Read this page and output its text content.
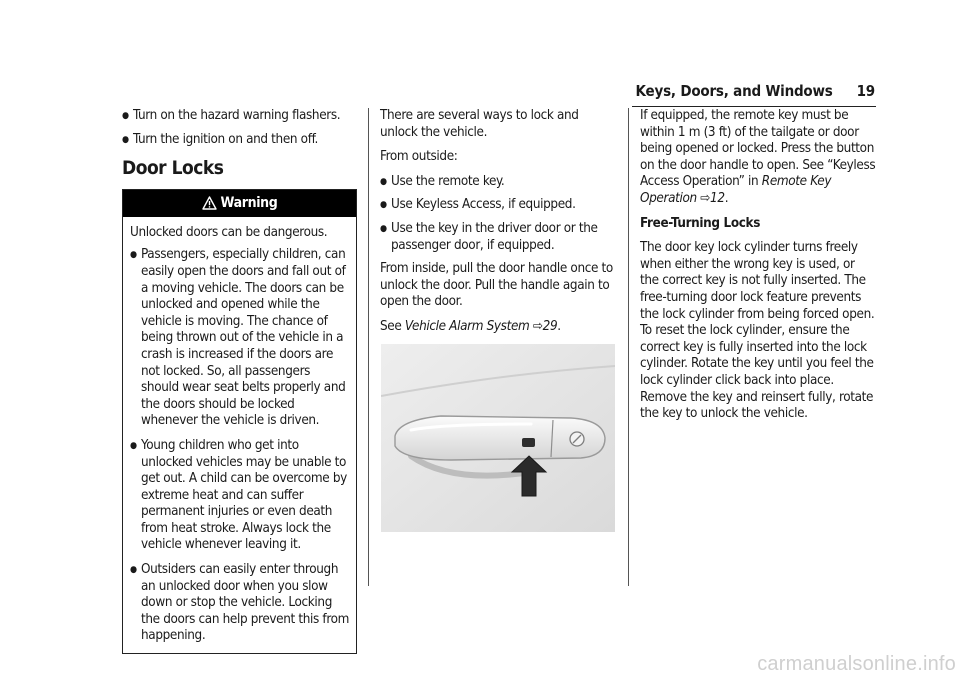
Keys, Doors, and Windows 19
● Turn on the hazard warning flashers.
● Turn the ignition on and then off.
Door Locks
Warning

Unlocked doors can be dangerous.

● Passengers, especially children, can easily open the doors and fall out of a moving vehicle. The doors can be unlocked and opened while the vehicle is moving. The chance of being thrown out of the vehicle in a crash is increased if the doors are not locked. So, all passengers should wear seat belts properly and the doors should be locked whenever the vehicle is driven.
● Young children who get into unlocked vehicles may be unable to get out. A child can be overcome by extreme heat and can suffer permanent injuries or even death from heat stroke. Always lock the vehicle whenever leaving it.
● Outsiders can easily enter through an unlocked door when you slow down or stop the vehicle. Locking the doors can help prevent this from happening.

There are several ways to lock and unlock the vehicle.

From outside:

● Use the remote key.
● Use Keyless Access, if equipped.
● Use the key in the driver door or the passenger door, if equipped.

From inside, pull the door handle once to unlock the door. Pull the handle again to open the door.

See Vehicle Alarm System ⇨29.

If equipped, the remote key must be within 1 m (3 ft) of the tailgate or door being opened or locked. Press the button on the door handle to open. See “Keyless Access Operation” in Remote Key Operation ⇨12.

Free-Turning Locks

The door key lock cylinder turns freely when either the wrong key is used, or the correct key is not fully inserted. The free-turning door lock feature prevents the lock cylinder from being forced open. To reset the lock cylinder, ensure the correct key is fully inserted into the lock cylinder. Rotate the key until you feel the lock cylinder click back into place. Remove the key and reinsert fully, rotate the key to unlock the vehicle.

carmanualsonline.info
